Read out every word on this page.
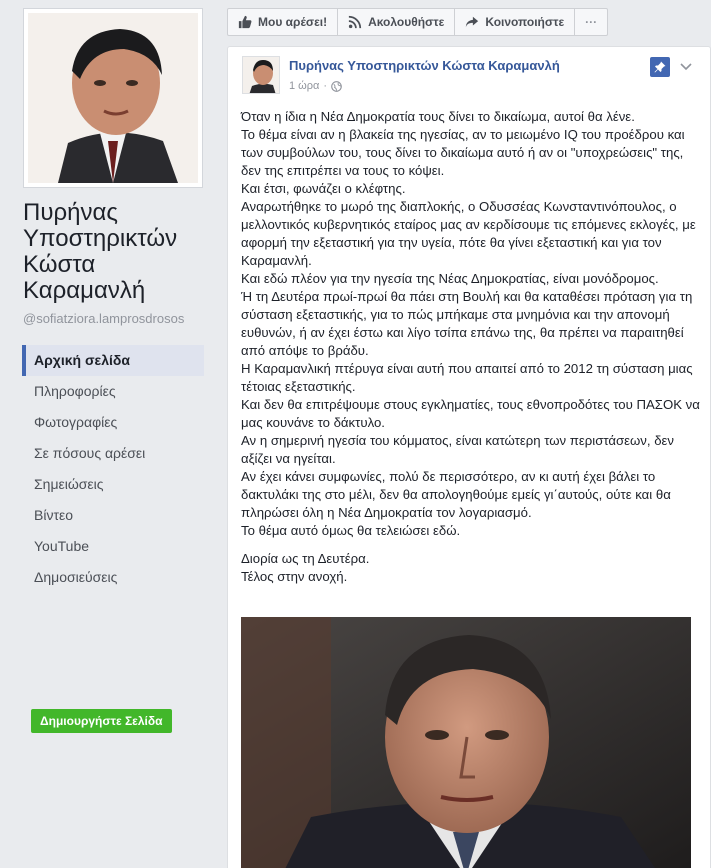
Πυρήνας Υποστηρικτών Κώστα Καραμανλή
@sofiatziora.lamprosdrosos
Αρχική σελίδα
Πληροφορίες
Φωτογραφίες
Σε πόσους αρέσει
Σημειώσεις
Βίντεο
YouTube
Δημοσιεύσεις
Δημιουργήστε Σελίδα
Μου αρέσει!	Ακολουθήστε	Κοινοποιήστε ···
Πυρήνας Υποστηρικτών Κώστα Καραμανλή
1 ώρα ·

Όταν η ίδια η Νέα Δημοκρατία τους δίνει το δικαίωμα, αυτοί θα λένε.

Το θέμα είναι αν η βλακεία της ηγεσίας, αν το μειωμένο IQ του προέδρου και των συμβούλων του, τους δίνει το δικαίωμα αυτό ή αν οι "υποχρεώσεις" της, δεν της επιτρέπει να τους το κόψει.

Και έτσι, φωνάζει ο κλέφτης.

Αναρωτήθηκε το μωρό της διαπλοκής, ο Οδυσσέας Κωνσταντινόπουλος, ο μελλοντικός κυβερνητικός εταίρος μας αν κερδίσουμε τις επόμενες εκλογές, με αφορμή την εξεταστική για την υγεία, πότε θα γίνει εξεταστική και για τον Καραμανλή.

Και εδώ πλέον για την ηγεσία της Νέας Δημοκρατίας, είναι μονόδρομος.

Ή τη Δευτέρα πρωί-πρωί θα πάει στη Βουλή και θα καταθέσει πρόταση για τη σύσταση εξεταστικής, για το πώς μπήκαμε στα μνημόνια και την απονομή ευθυνών, ή αν έχει έστω και λίγο τσίπα επάνω της, θα πρέπει να παραιτηθεί από απόψε το βράδυ.

Η Καραμανλική πτέρυγα είναι αυτή που απαιτεί από το 2012 τη σύσταση μιας τέτοιας εξεταστικής.

Και δεν θα επιτρέψουμε στους εγκληματίες, τους εθνοπροδότες του ΠΑΣΟΚ να μας κουνάνε το δάκτυλο.

Αν η σημερινή ηγεσία του κόμματος, είναι κατώτερη των περιστάσεων, δεν αξίζει να ηγείται.

Αν έχει κάνει συμφωνίες, πολύ δε περισσότερο, αν κι αυτή έχει βάλει το δακτυλάκι της στο μέλι, δεν θα απολογηθούμε εμείς γι΄αυτούς, ούτε και θα πληρώσει όλη η Νέα Δημοκρατία τον λογαριασμό.

Το θέμα αυτό όμως θα τελειώσει εδώ.

Διορία ως τη Δευτέρα.

Τέλος στην ανοχή.
